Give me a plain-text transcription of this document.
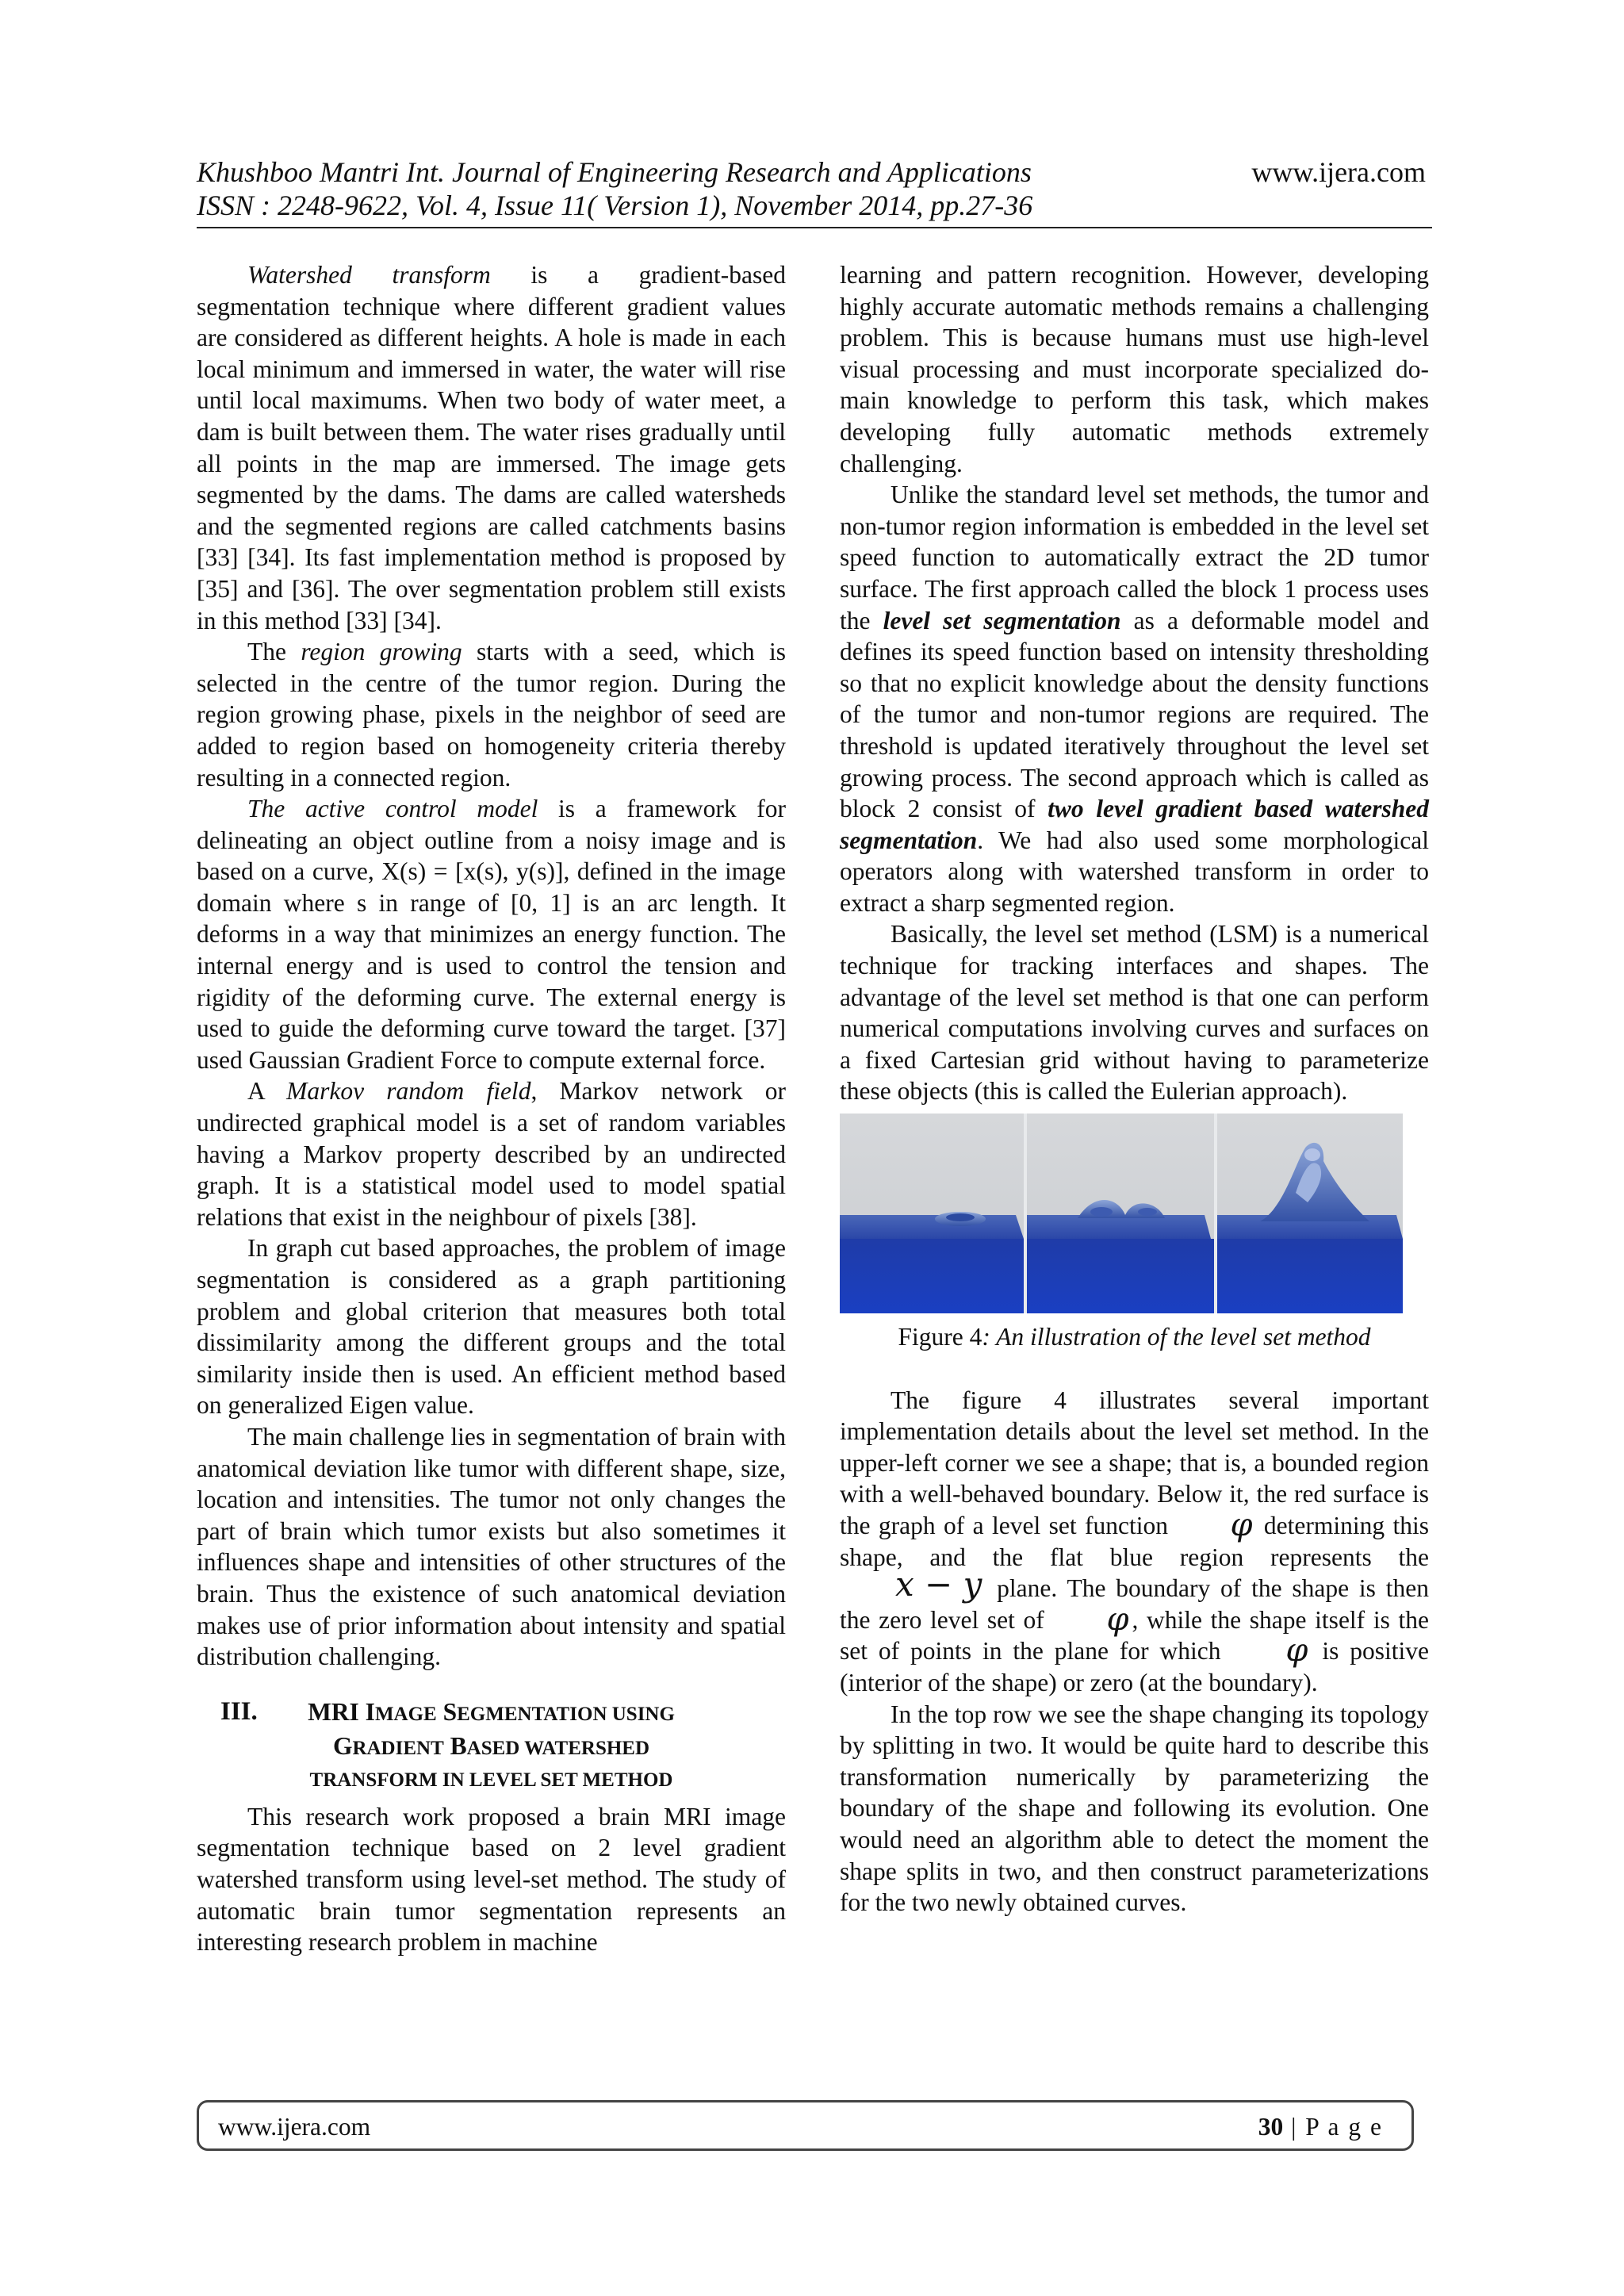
Khushboo Mantri Int. Journal of Engineering Research and Applications	www.ijera.com
ISSN : 2248-9622, Vol. 4, Issue 11( Version 1), November 2014, pp.27-36

Watershed transform is a gradient-based segmentation technique where different gradient values are considered as different heights. A hole is made in each local minimum and immersed in water, the water will rise until local maximums. When two body of water meet, a dam is built between them. The water rises gradually until all points in the map are immersed. The image gets segmented by the dams. The dams are called watersheds and the segmented regions are called catchments basins [33] [34]. Its fast implementation method is proposed by [35] and [36]. The over segmentation problem still exists in this method [33] [34].

The region growing starts with a seed, which is selected in the centre of the tumor region. During the region growing phase, pixels in the neighbor of seed are added to region based on homogeneity criteria thereby resulting in a connected region.

The active control model is a framework for delineating an object outline from a noisy image and is based on a curve, X(s) = [x(s), y(s)], defined in the image domain where s in range of [0, 1] is an arc length. It deforms in a way that minimizes an energy function. The internal energy and is used to control the tension and rigidity of the deforming curve. The external energy is used to guide the deforming curve toward the target. [37] used Gaussian Gradient Force to compute external force.

A Markov random field, Markov network or undirected graphical model is a set of random variables having a Markov property described by an undirected graph. It is a statistical model used to model spatial relations that exist in the neighbour of pixels [38].

In graph cut based approaches, the problem of image segmentation is considered as a graph partitioning problem and global criterion that measures both total dissimilarity among the different groups and the total similarity inside then is used. An efficient method based on generalized Eigen value.

The main challenge lies in segmentation of brain with anatomical deviation like tumor with different shape, size, location and intensities. The tumor not only changes the part of brain which tumor exists but also sometimes it influences shape and intensities of other structures of the brain. Thus the existence of such anatomical deviation makes use of prior information about intensity and spatial distribution challenging.

III.	MRI IMAGE SEGMENTATION USING
GRADIENT BASED WATERSHED
TRANSFORM IN LEVEL SET METHOD

This research work proposed a brain MRI image segmentation technique based on 2 level gradient watershed transform using level-set method. The study of automatic brain tumor segmentation represents an interesting research problem in machine

learning and pattern recognition. However, developing highly accurate automatic methods remains a challenging problem. This is because humans must use high-level visual processing and must incorporate specialized do- main knowledge to perform this task, which makes developing fully automatic methods extremely challenging.

Unlike the standard level set methods, the tumor and non-tumor region information is embedded in the level set speed function to automatically extract the 2D tumor surface. The first approach called the block 1 process uses the level set segmentation as a deformable model and defines its speed function based on intensity thresholding so that no explicit knowledge about the density functions of the tumor and non-tumor regions are required. The threshold is updated iteratively throughout the level set growing process. The second approach which is called as block 2 consist of two level gradient based watershed segmentation. We had also used some morphological operators along with watershed transform in order to extract a sharp segmented region.

Basically, the level set method (LSM) is a numerical technique for tracking interfaces and shapes. The advantage of the level set method is that one can perform numerical computations involving curves and surfaces on a fixed Cartesian grid without having to parameterize these objects (this is called the Eulerian approach).

Figure 4: An illustration of the level set method

The figure 4 illustrates several important implementation details about the level set method. In the upper-left corner we see a shape; that is, a bounded region with a well-behaved boundary. Below it, the red surface is the graph of a level set function φ determining this shape, and the flat blue region represents the x − y plane. The boundary of the shape is then the zero level set of φ , while the shape itself is the set of points in the plane for which φ is positive (interior of the shape) or zero (at the boundary).

In the top row we see the shape changing its topology by splitting in two. It would be quite hard to describe this transformation numerically by parameterizing the boundary of the shape and following its evolution. One would need an algorithm able to detect the moment the shape splits in two, and then construct parameterizations for the two newly obtained curves.

www.ijera.com	30 | P a g e
